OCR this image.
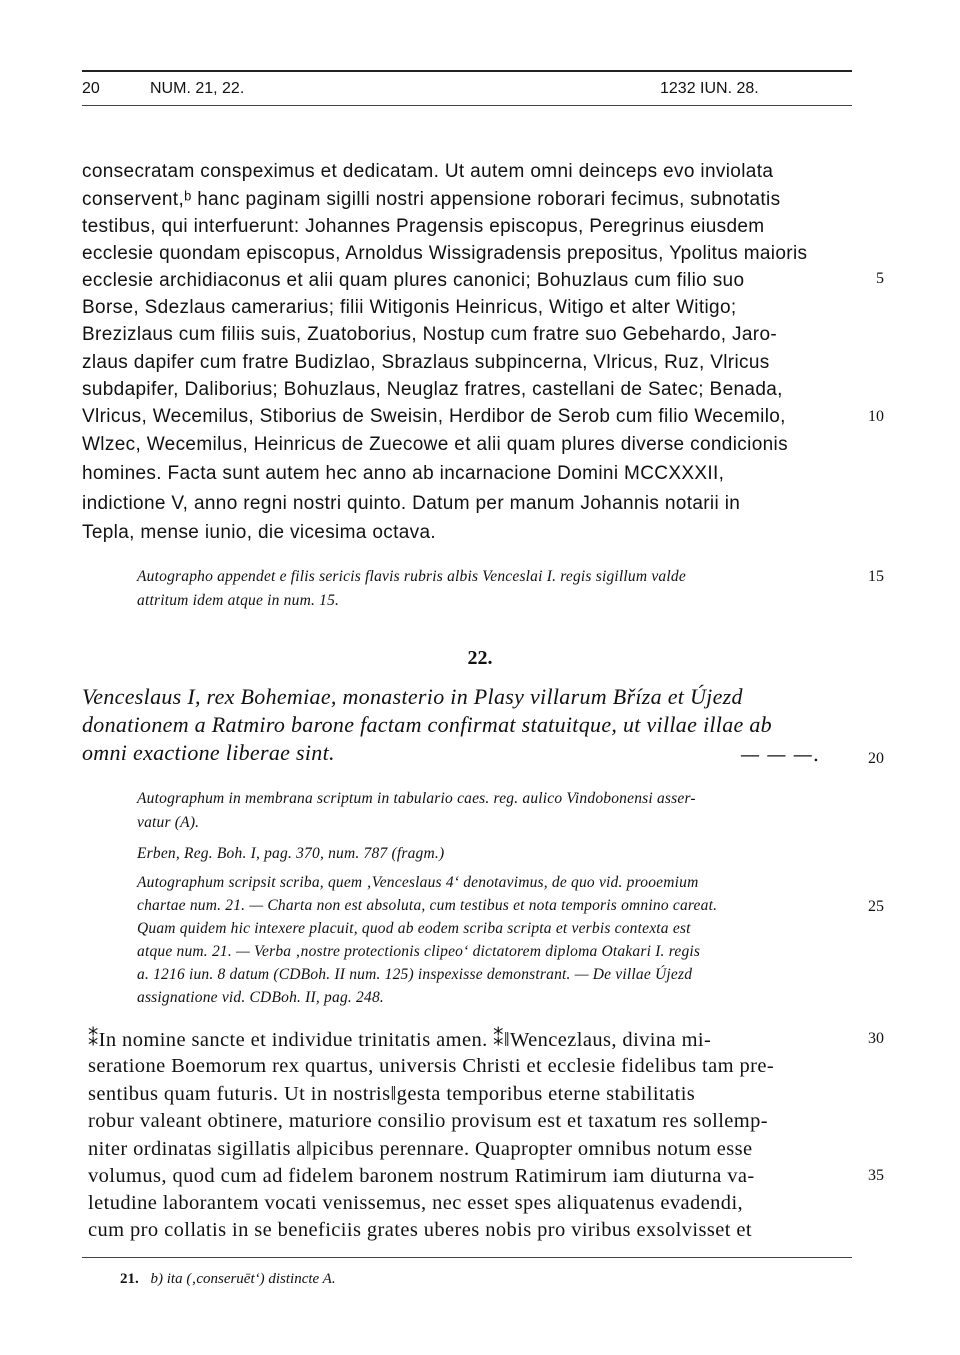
20	NUM. 21, 22.	1232 IUN. 28.
consecratam conspeximus et dedicatam. Ut autem omni deinceps evo inviolata
conservent,ᵇ hanc paginam sigilli nostri appensione roborari fecimus, subnotatis
testibus, qui interfuerunt: Johannes Pragensis episcopus, Peregrinus eiusdem
ecclesie quondam episcopus, Arnoldus Wissigradensis prepositus, Ypolitus maioris
ecclesie archidiaconus et alii quam plures canonici; Bohuzlaus cum filio suo
Borse, Sdezlaus camerarius; filii Witigonis Heinricus, Witigo et alter Witigo;
Brezizlaus cum filiis suis, Zuatoborius, Nostup cum fratre suo Gebehardo, Jaro-
zlaus dapifer cum fratre Budizlao, Sbrazlaus subpincerna, Vlricus, Ruz, Vlricus
subdapifer, Daliborius; Bohuzlaus, Neuglaz fratres, castellani de Satec; Benada,
Vlricus, Wecemilus, Stiborius de Sweisin, Herdibor de Serob cum filio Wecemilo,
Wlzec, Wecemilus, Heinricus de Zuecowe et alii quam plures diverse condicionis
homines. Facta sunt autem hec anno ab incarnacione Domini MCCXXXII,
indictione V, anno regni nostri quinto. Datum per manum Johannis notarii in
Tepla, mense iunio, die vicesima octava.
Autographo appendet e filis sericis flavis rubris albis Venceslai I. regis sigillum valde
attritum idem atque in num. 15.
22.
Venceslaus I, rex Bohemiae, monasterio in Plasy villarum Bříza et Újezd
donationem a Ratmiro barone factam confirmat statuitque, ut villae illae ab
omni exactione liberae sint.	— — —.
Autographum in membrana scriptum in tabulario caes. reg. aulico Vindobonensi asser-
vatur (A).
Erben, Reg. Boh. I, pag. 370, num. 787 (fragm.)
Autographum scripsit scriba, quem ‚Venceslaus 4‘ denotavimus, de quo vid. prooemium
chartae num. 21. — Charta non est absoluta, cum testibus et nota temporis omnino careat.
Quam quidem hic intexere placuit, quod ab eodem scriba scripta et verbis contexta est
atque num. 21. — Verba ‚nostre protectionis clipeo‘ dictatorem diploma Otakari I. regis
a. 1216 iun. 8 datum (CDBoh. II num. 125) inspexisse demonstrant. — De villae Újezd
assignatione vid. CDBoh. II, pag. 248.
⁑In nomine sancte et individue trinitatis amen. ⁑‖Wencezlaus, divina mi-
seratione Boemorum rex quartus, universis Christi et ecclesie fidelibus tam pre-
sentibus quam futuris. Ut in nostris‖gesta temporibus eterne stabilitatis
robur valeant obtinere, maturiore consilio provisum est et taxatum res sollemp-
niter ordinatas sigillatis a‖picibus perennare. Quapropter omnibus notum esse
volumus, quod cum ad fidelem baronem nostrum Ratimirum iam diuturna va-
letudine laborantem vocati venissemus, nec esset spes aliquatenus evadendi,
cum pro collatis in se beneficiis grates uberes nobis pro viribus exsolvisset et
5
10
15
20
25
30
35
21. b) ita (‚conseruēt‘) distincte A.
